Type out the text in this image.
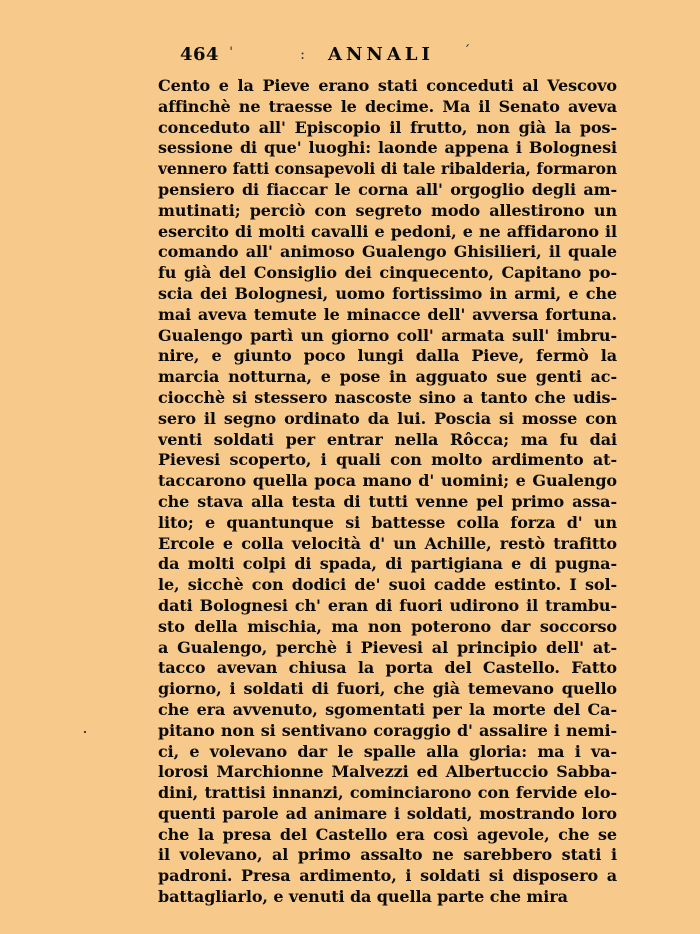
464 ˈ	: ANNALI ˊ
Cento e la Pieve erano stati conceduti al Vescovo
affinchè ne traesse le decime. Ma il Senato aveva
conceduto all' Episcopio il frutto, non già la pos-
sessione di que' luoghi: laonde appena i Bolognesi
vennero fatti consapevoli di tale ribalderia, formaron
pensiero di fiaccar le corna all' orgoglio degli am-
mutinati; perciò con segreto modo allestirono un
esercito di molti cavalli e pedoni, e ne affidarono il
comando all' animoso Gualengo Ghisilieri, il quale
fu già del Consiglio dei cinquecento, Capitano po-
scia dei Bolognesi, uomo fortissimo in armi, e che
mai aveva temute le minacce dell' avversa fortuna.
Gualengo partì un giorno coll' armata sull' imbru-
nire, e giunto poco lungi dalla Pieve, fermò la
marcia notturna, e pose in agguato sue genti ac-
ciocchè si stessero nascoste sino a tanto che udis-
sero il segno ordinato da lui. Poscia si mosse con
venti soldati per entrar nella Rôcca; ma fu dai
Pievesi scoperto, i quali con molto ardimento at-
taccarono quella poca mano d' uomini; e Gualengo
che stava alla testa di tutti venne pel primo assa-
lito; e quantunque si battesse colla forza d' un
Ercole e colla velocità d' un Achille, restò trafitto
da molti colpi di spada, di partigiana e di pugna-
le, sicchè con dodici de' suoi cadde estinto. I sol-
dati Bolognesi ch' eran di fuori udirono il trambu-
sto della mischia, ma non poterono dar soccorso
a Gualengo, perchè i Pievesi al principio dell' at-
tacco avevan chiusa la porta del Castello. Fatto
giorno, i soldati di fuori, che già temevano quello
che era avvenuto, sgomentati per la morte del Ca-
pitano non si sentivano coraggio d' assalire i nemi-
ci, e volevano dar le spalle alla gloria: ma i va-
lorosi Marchionne Malvezzi ed Albertuccio Sabba-
dini, trattisi innanzi, cominciarono con fervide elo-
quenti parole ad animare i soldati, mostrando loro
che la presa del Castello era così agevole, che se
il volevano, al primo assalto ne sarebbero stati i
padroni. Presa ardimento, i soldati si disposero a
battagliarlo, e venuti da quella parte che mira
